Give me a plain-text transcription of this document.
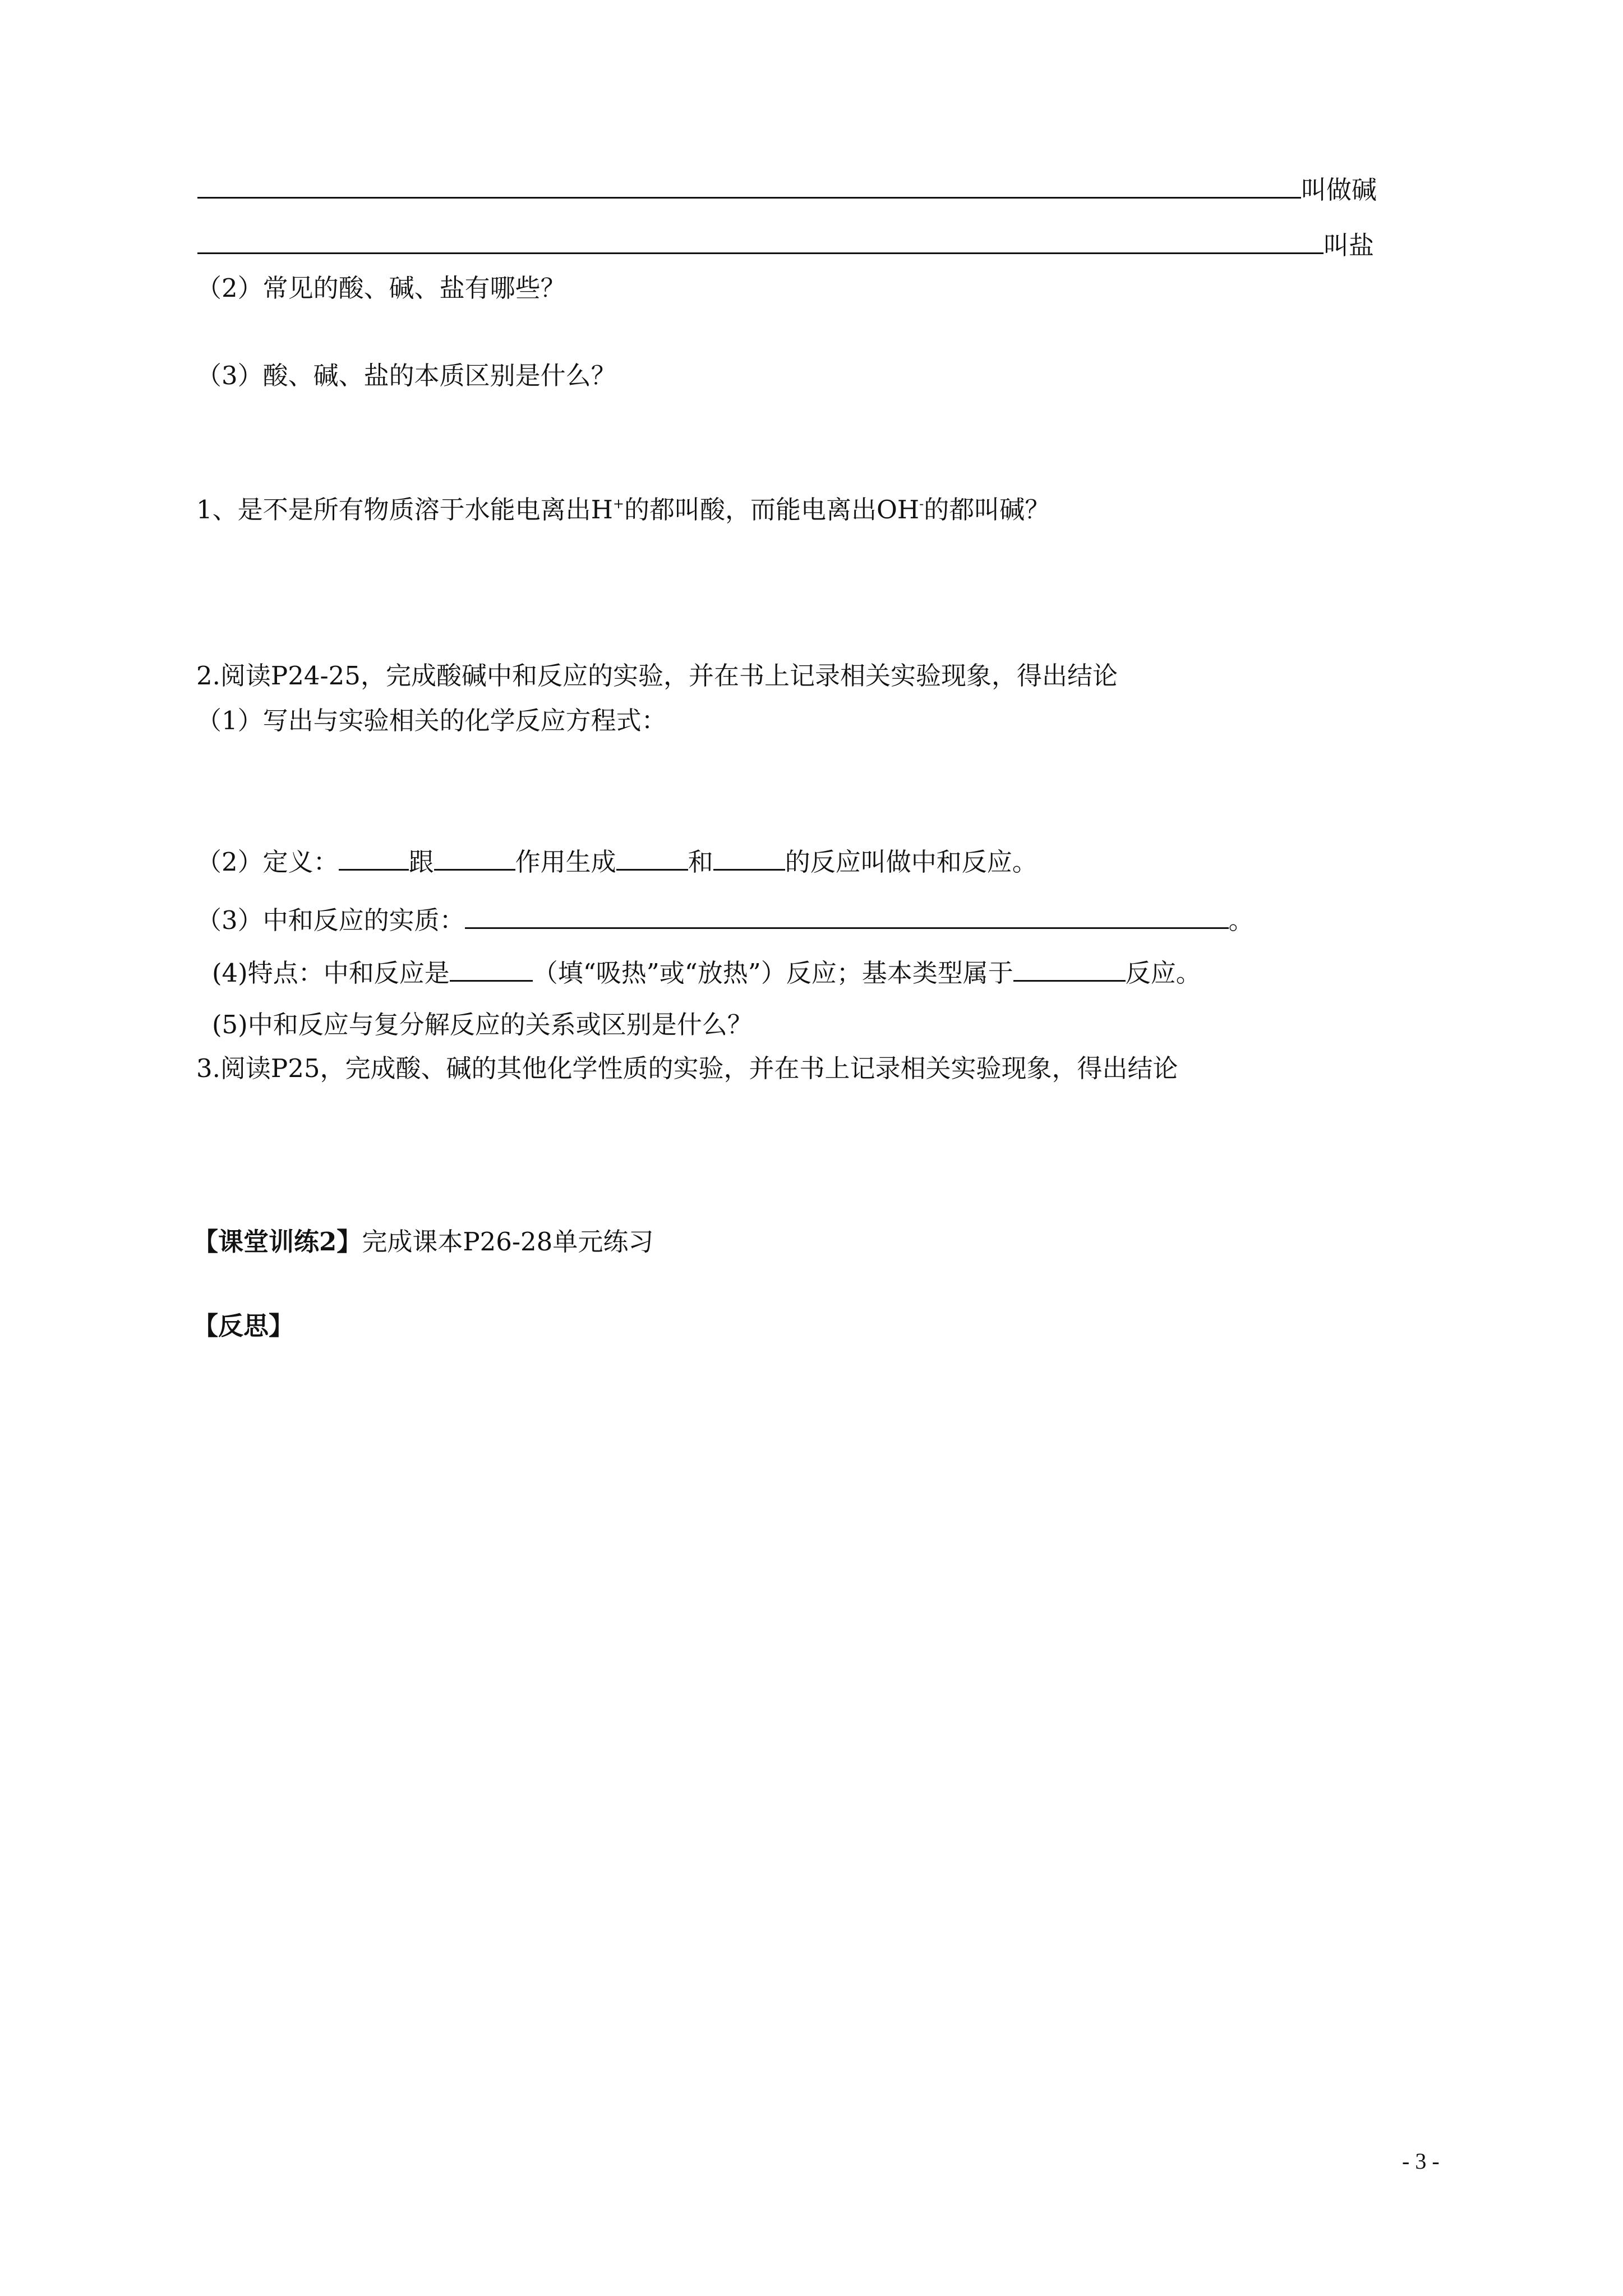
叫做碱
叫盐
（2）常见的酸、碱、盐有哪些？
（3）酸、碱、盐的本质区别是什么？
1、是不是所有物质溶于水能电离出H+的都叫酸，而能电离出OH-的都叫碱？
2.阅读P24-25，完成酸碱中和反应的实验，并在书上记录相关实验现象，得出结论
（1）写出与实验相关的化学反应方程式：
（2）定义：	跟	作用生成	和	的反应叫做中和反应。
（3）中和反应的实质：	。
(4)特点：中和反应是	（填“吸热”或“放热”）反应；基本类型属于	反应。
(5)中和反应与复分解反应的关系或区别是什么？
3.阅读P25，完成酸、碱的其他化学性质的实验，并在书上记录相关实验现象，得出结论
【课堂训练2】完成课本P26-28单元练习
【反思】
- 3 -
